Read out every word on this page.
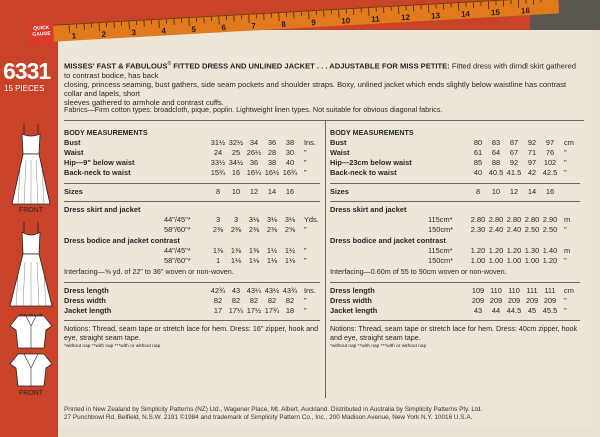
QUICK GAUGE	1	2	3	4	5	6	7	8	9	10	11	12	13	14	15	16
6331
15 PIECES
FRONT
FRONT
MISSES' FAST & FABULOUS® FITTED DRESS AND UNLINED JACKET . . . ADJUSTABLE FOR MISS PETITE: Fitted dress with dirndl skirt gathered to contrast bodice, has back
closing, princess seaming, bust gathers, side seam pockets and shoulder straps. Boxy, unlined jacket which ends slightly below waistline has contrast collar and lapels, short
sleeves gathered to armhole and contrast cuffs.
Fabrics—Firm cotton types: broadcloth, pique, poplin. Lightweight linen types. Not suitable for obvious diagonal fabrics.
BODY MEASUREMENTS
Bust	31½ 32½ 34	36	38	Ins.
Waist	24	25 26½ 28	30	"
Hip—9" below waist	33½ 34½ 36	38	40	"
Back-neck to waist	15¾ 16 16¼ 16½ 16¾ "
Sizes	8	10	12	14	16
Dress skirt and jacket
44"/45"*	3	3	3⅛	3⅛	3⅛	Yds.
58"/60"*	2⅜	2⅜	2⅜	2⅜	2⅝	"
Dress bodice and jacket contrast
44"/45"*	1⅜	1⅜	1⅜	1½	1½	"
58"/60"*	1	1⅛	1⅛	1⅛	1⅛	"
Interfacing—⅝ yd. of 22" to 36" woven or non-woven.
Dress length	42¾ 43 43¼ 43½ 43¾ Ins.
Dress width	82	82	82	82	82	"
Jacket length	17 17¼ 17½ 17¾ 18	"
Notions: Thread, seam tape or stretch lace for hem. Dress: 16" zipper, hook and eye, straight seam tape.
*without nap **with nap ***with or without nap
BODY MEASUREMENTS
Bust	80	83	87	92	97	cm
Waist	61	64	67	71	76	"
Hip—23cm below waist	85	88	92	97	102 "
Back-neck to waist	40 40.5 41.5 42 42.5 "
Sizes	8	10	12	14	16
Dress skirt and jacket
115cm* 2.80 2.80 2.80 2.80 2.90 m
150cm* 2.30 2.40 2.40 2.50 2.50 "
Dress bodice and jacket contrast
115cm* 1.20 1.20 1.20 1.30 1.40 m
150cm* 1.00 1.00 1.00 1.00 1.20 "
Interfacing—0.60m of 55 to 90cm woven or non-woven.
Dress length	109 110 110 111 111	cm
Dress width	209 209 209 209 209 "
Jacket length	43	44 44.5 45 45.5 "
Notions: Thread, seam tape or stretch lace for hem. Dress: 40cm zipper, hook and eye, straight seam tape.
*without nap **with nap ***with or without nap
Printed in New Zealand by Simplicity Patterns (NZ) Ltd., Wagener Place, Mt. Albert, Auckland. Distributed in Australia by Simplicity Patterns Pty. Ltd.
27 Punchbowl Rd, Belfield, N.S.W. 2191 ©1984 and trademark of Simplicity Pattern Co., Inc., 200 Madison Avenue, New York N.Y. 10016 U.S.A.
